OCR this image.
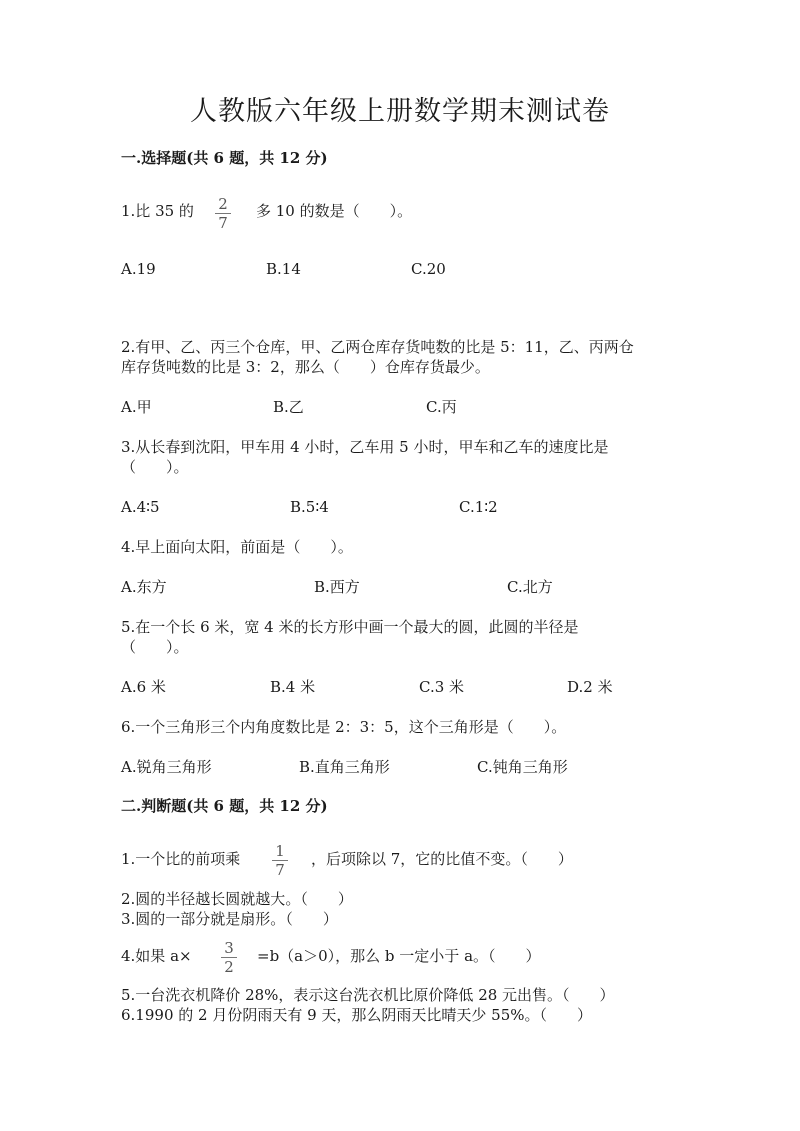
人教版六年级上册数学期末测试卷
一.选择题(共 6 题，共 12 分)
1.比 35 的	2
7
多 10 的数是（　　）。
A.19	B.14	C.20
2.有甲、乙、丙三个仓库，甲、乙两仓库存货吨数的比是 5：11，乙、丙两仓
库存货吨数的比是 3：2，那么（　　）仓库存货最少。
A.甲	B.乙	C.丙
3.从长春到沈阳，甲车用 4 小时，乙车用 5 小时，甲车和乙车的速度比是
（　　）。
A.4∶5	B.5∶4	C.1∶2
4.早上面向太阳，前面是（　　）。
A.东方	B.西方	C.北方
5.在一个长 6 米，宽 4 米的长方形中画一个最大的圆，此圆的半径是
（　　）。
A.6 米	B.4 米	C.3 米	D.2 米
6.一个三角形三个内角度数比是 2：3：5，这个三角形是（　　）。
A.锐角三角形	B.直角三角形	C.钝角三角形
二.判断题(共 6 题，共 12 分)
1.一个比的前项乘	1
7
，后项除以 7，它的比值不变。（　　）
2.圆的半径越长圆就越大。（　　）
3.圆的一部分就是扇形。（　　）
4.如果 a×	3
2
=b（a＞0），那么 b 一定小于 a。（　　）
5.一台洗衣机降价 28%，表示这台洗衣机比原价降低 28 元出售。（　　）
6.1990 的 2 月份阴雨天有 9 天，那么阴雨天比晴天少 55%。（　　）
